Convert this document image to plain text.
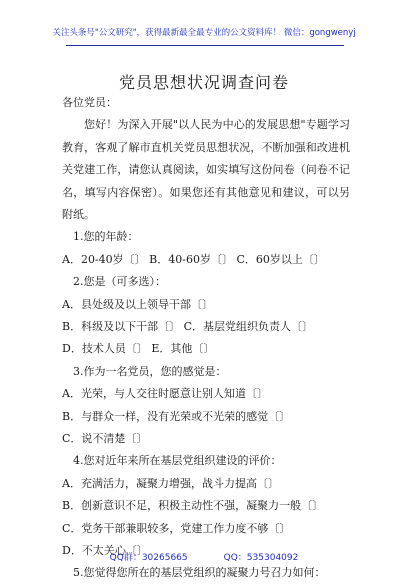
关注头条号"公文研究"，获得最新最全最专业的公文资料库！ 微信：gongwenyj
党员思想状况调查问卷
各位党员：
您好！为深入开展"以人民为中心的发展思想"专题学习教育，客观了解市直机关党员思想状况，不断加强和改进机关党建工作，请您认真阅读，如实填写这份问卷（问卷不记名，填写内容保密）。如果您还有其他意见和建议，可以另附纸。
1.您的年龄：
A．20-40岁〔〕 B．40-60岁〔〕 C．60岁以上〔〕
2.您是（可多选）：
A．县处级及以上领导干部〔〕
B．科级及以下干部〔〕 C．基层党组织负责人〔〕
D．技术人员〔〕 E．其他〔〕
3.作为一名党员，您的感觉是：
A．光荣，与人交往时愿意让别人知道〔〕
B．与群众一样，没有光荣或不光荣的感觉〔〕
C．说不清楚〔〕
4.您对近年来所在基层党组织建设的评价：
A．充满活力，凝聚力增强，战斗力提高〔〕
B．创新意识不足，积极主动性不强，凝聚力一般〔〕
C．党务干部兼职较多，党建工作力度不够〔〕
D．不太关心〔〕
5.您觉得您所在的基层党组织的凝聚力号召力如何：
QQ群：30265665	QQ：535304092
